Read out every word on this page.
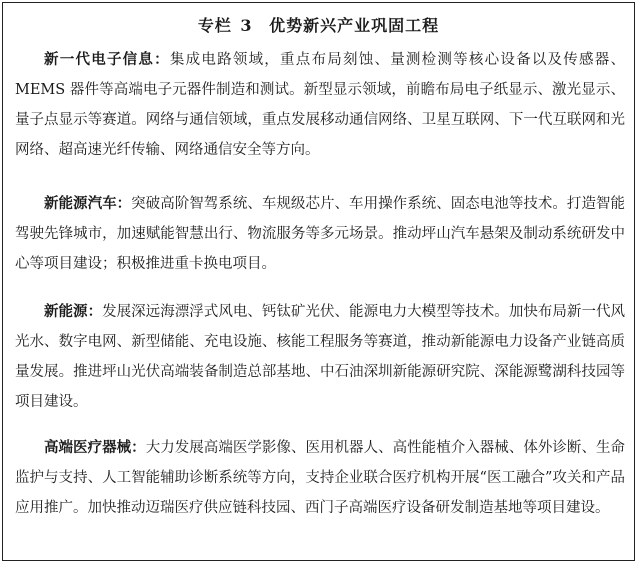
专栏 3 优势新兴产业巩固工程

新一代电子信息：集成电路领域，重点布局刻蚀、量测检测等核心设备以及传感器、MEMS 器件等高端电子元器件制造和测试。新型显示领域，前瞻布局电子纸显示、激光显示、量子点显示等赛道。网络与通信领域，重点发展移动通信网络、卫星互联网、下一代互联网和光网络、超高速光纤传输、网络通信安全等方向。

新能源汽车：突破高阶智驾系统、车规级芯片、车用操作系统、固态电池等技术。打造智能驾驶先锋城市，加速赋能智慧出行、物流服务等多元场景。推动坪山汽车悬架及制动系统研发中心等项目建设；积极推进重卡换电项目。

新能源：发展深远海漂浮式风电、钙钛矿光伏、能源电力大模型等技术。加快布局新一代风光水、数字电网、新型储能、充电设施、核能工程服务等赛道，推动新能源电力设备产业链高质量发展。推进坪山光伏高端装备制造总部基地、中石油深圳新能源研究院、深能源鹭湖科技园等项目建设。

高端医疗器械：大力发展高端医学影像、医用机器人、高性能植介入器械、体外诊断、生命监护与支持、人工智能辅助诊断系统等方向，支持企业联合医疗机构开展“医工融合”攻关和产品应用推广。加快推动迈瑞医疗供应链科技园、西门子高端医疗设备研发制造基地等项目建设。
